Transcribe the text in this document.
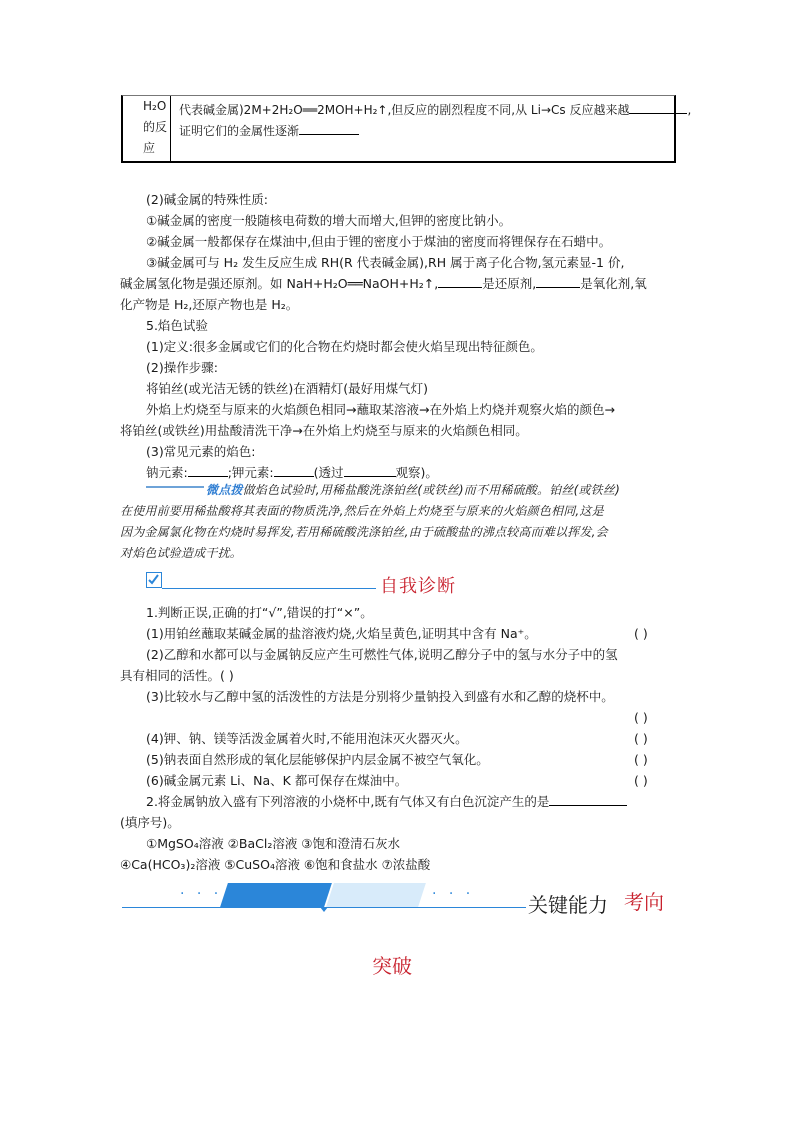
H₂O
的反
应
代表碱金属)2M+2H₂O══2MOH+H₂↑,但反应的剧烈程度不同,从 Li→Cs 反应越来越	,
证明它们的金属性逐渐
(2)碱金属的特殊性质:
①碱金属的密度一般随核电荷数的增大而增大,但钾的密度比钠小。
②碱金属一般都保存在煤油中,但由于锂的密度小于煤油的密度而将锂保存在石蜡中。
③碱金属可与 H₂ 发生反应生成 RH(R 代表碱金属),RH 属于离子化合物,氢元素显-1 价,
碱金属氢化物是强还原剂。如 NaH+H₂O══NaOH+H₂↑,	是还原剂,	是氧化剂,氧
化产物是 H₂,还原产物也是 H₂。
5.焰色试验
(1)定义:很多金属或它们的化合物在灼烧时都会使火焰呈现出特征颜色。
(2)操作步骤:
将铂丝(或光洁无锈的铁丝)在酒精灯(最好用煤气灯)
外焰上灼烧至与原来的火焰颜色相同→蘸取某溶液→在外焰上灼烧并观察火焰的颜色→
将铂丝(或铁丝)用盐酸清洗干净→在外焰上灼烧至与原来的火焰颜色相同。
(3)常见元素的焰色:
钠元素:	;钾元素:	(透过	观察)。
微点拨做焰色试验时,用稀盐酸洗涤铂丝(或铁丝)而不用稀硫酸。铂丝(或铁丝)
在使用前要用稀盐酸将其表面的物质洗净,然后在外焰上灼烧至与原来的火焰颜色相同,这是
因为金属氯化物在灼烧时易挥发,若用稀硫酸洗涤铂丝,由于硫酸盐的沸点较高而难以挥发,会
对焰色试验造成干扰。
自我诊断
1.判断正误,正确的打“√”,错误的打“×”。
(1)用铂丝蘸取某碱金属的盐溶液灼烧,火焰呈黄色,证明其中含有 Na⁺。	( )
(2)乙醇和水都可以与金属钠反应产生可燃性气体,说明乙醇分子中的氢与水分子中的氢
具有相同的活性。( )
(3)比较水与乙醇中氢的活泼性的方法是分别将少量钠投入到盛有水和乙醇的烧杯中。
( )
(4)钾、钠、镁等活泼金属着火时,不能用泡沫灭火器灭火。	( )
(5)钠表面自然形成的氧化层能够保护内层金属不被空气氧化。	( )
(6)碱金属元素 Li、Na、K 都可保存在煤油中。	( )
2.将金属钠放入盛有下列溶液的小烧杯中,既有气体又有白色沉淀产生的是
(填序号)。
①MgSO₄溶液 ②BaCl₂溶液 ③饱和澄清石灰水
④Ca(HCO₃)₂溶液 ⑤CuSO₄溶液 ⑥饱和食盐水 ⑦浓盐酸
· · ·	· · ·	关键能力 考向
突破
